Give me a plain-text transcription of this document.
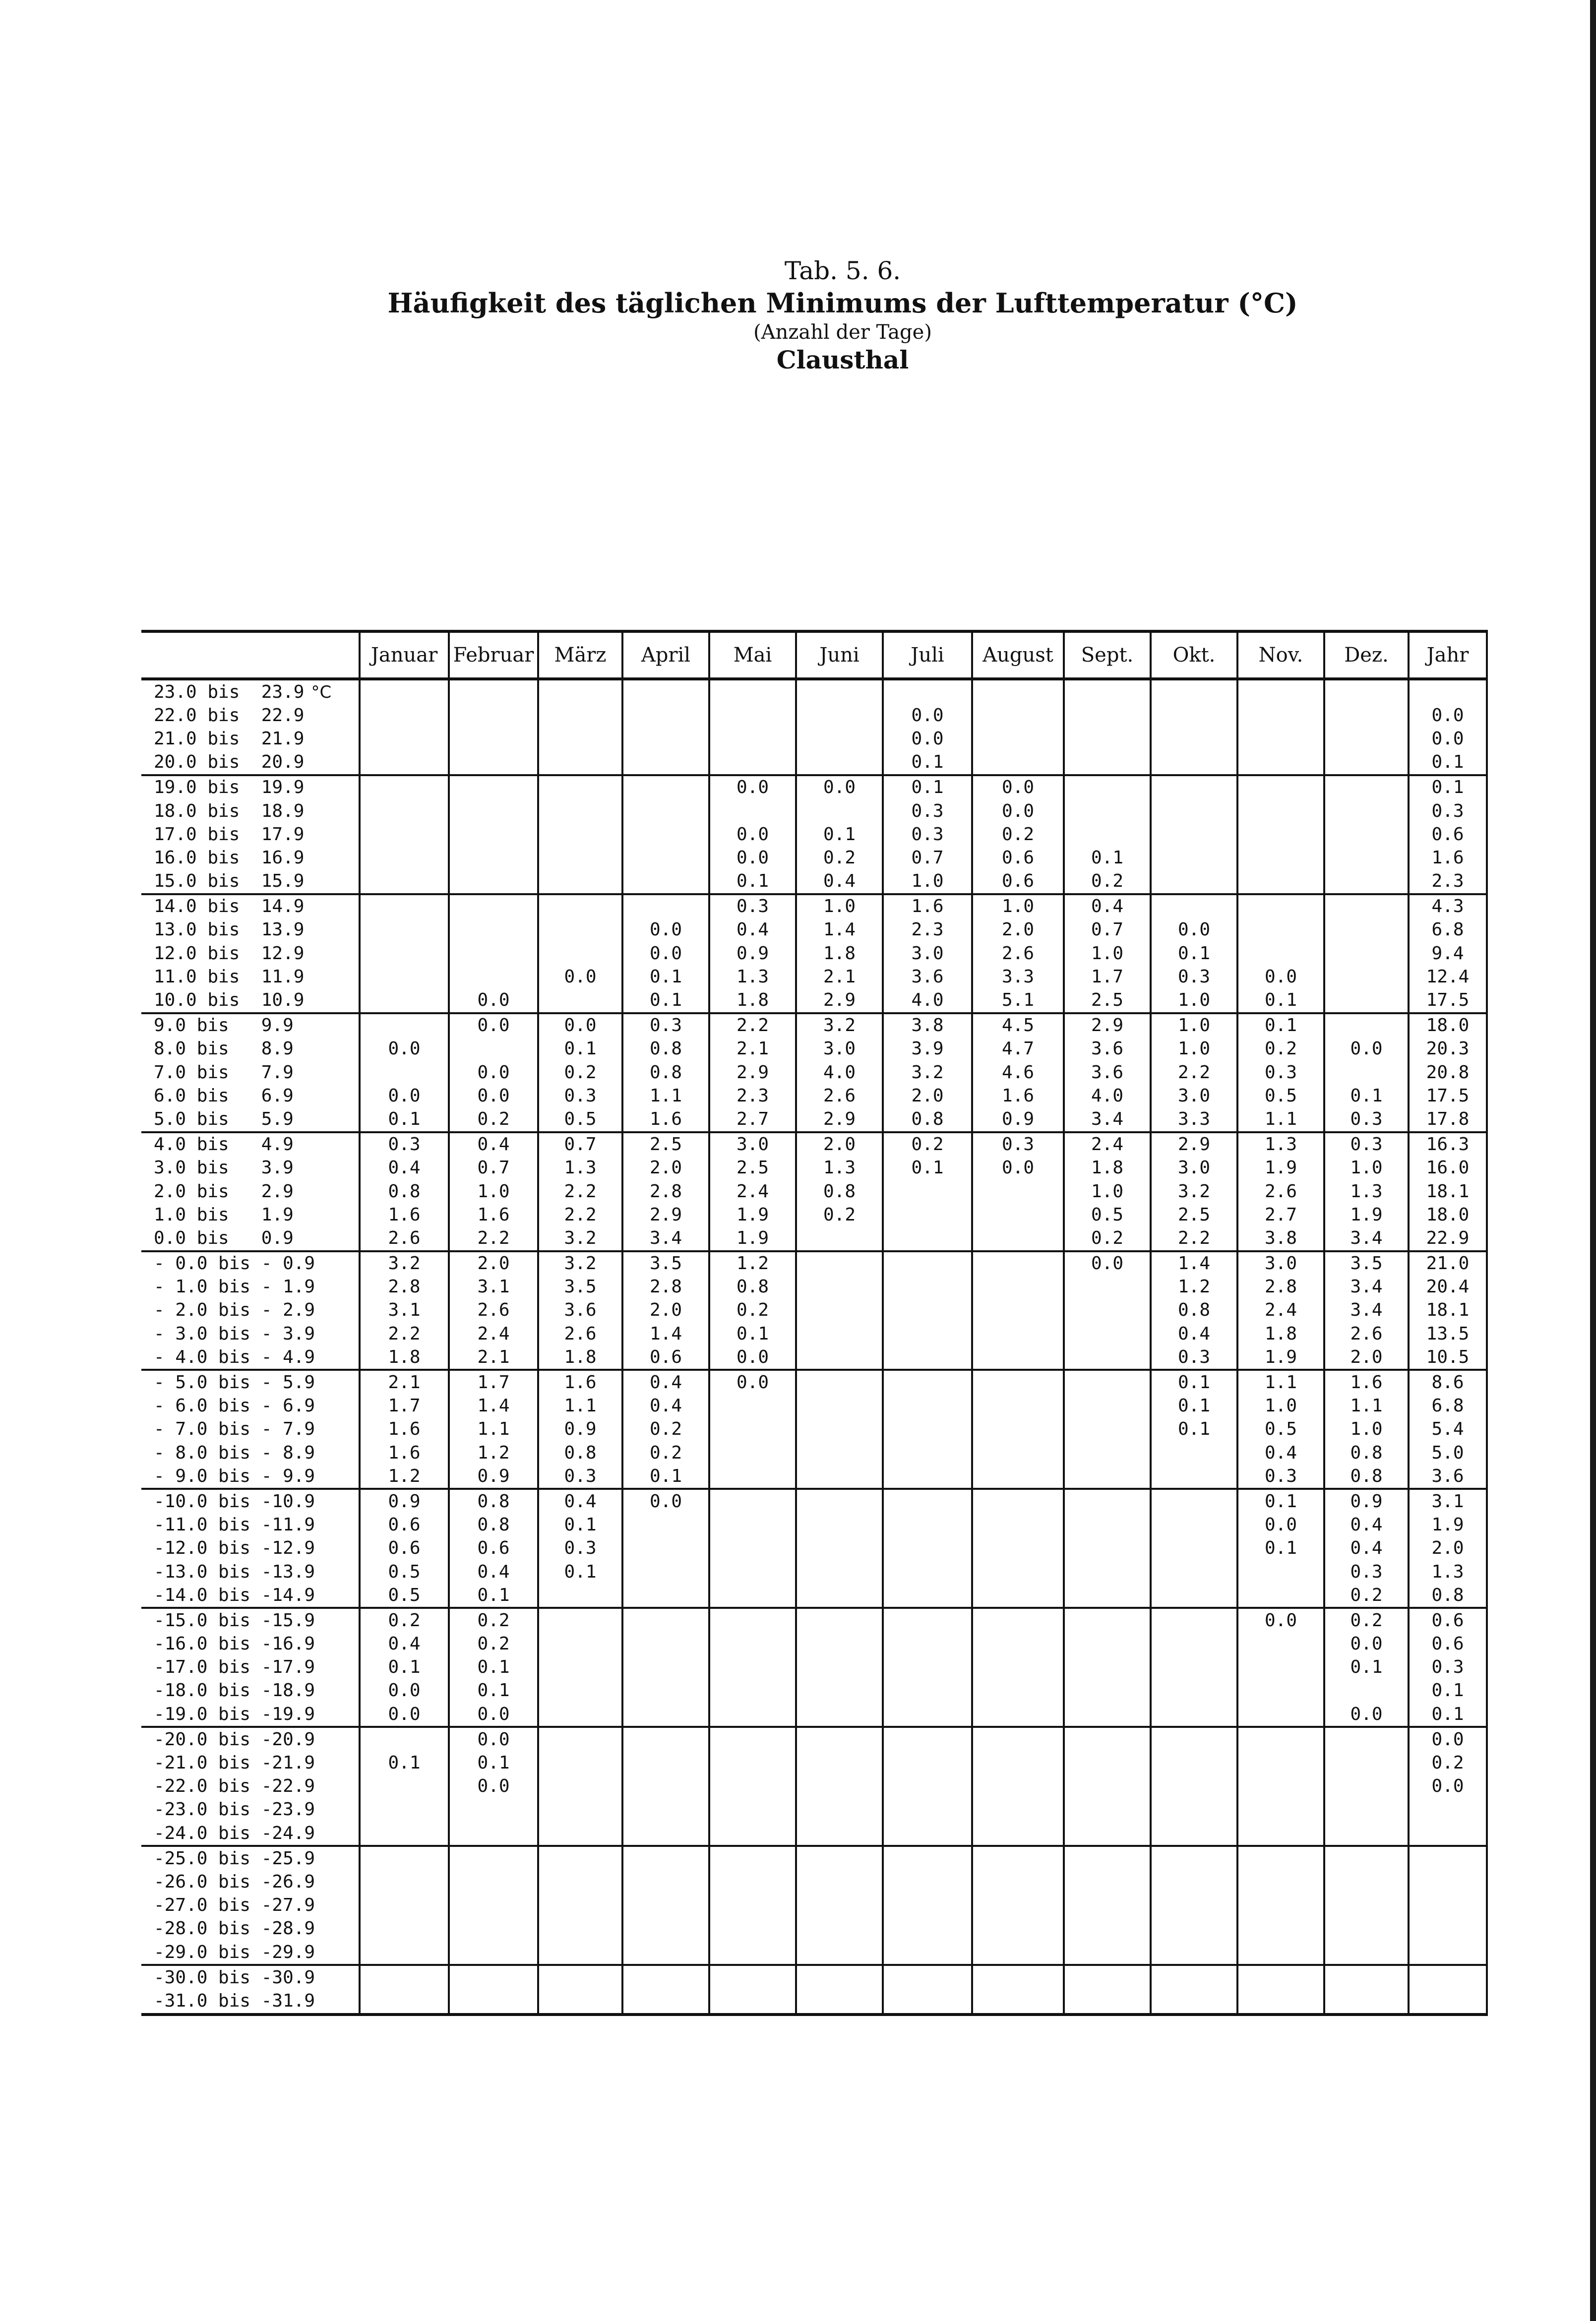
Tab. 5. 6.
Häufigkeit des täglichen Minimums der Lufttemperatur (°C)
(Anzahl der Tage)
Clausthal
	Januar	Februar	März	April	Mai	Juni	Juli	August	Sept.	Okt.	Nov.	Dez.	Jahr
23.0 bis  23.9 °C													
22.0 bis  22.9							0.0						0.0
21.0 bis  21.9							0.0						0.0
20.0 bis  20.9							0.1						0.1
19.0 bis  19.9					0.0	0.0	0.1	0.0					0.1
18.0 bis  18.9							0.3	0.0					0.3
17.0 bis  17.9					0.0	0.1	0.3	0.2					0.6
16.0 bis  16.9					0.0	0.2	0.7	0.6	0.1				1.6
15.0 bis  15.9					0.1	0.4	1.0	0.6	0.2				2.3
14.0 bis  14.9					0.3	1.0	1.6	1.0	0.4				4.3
13.0 bis  13.9				0.0	0.4	1.4	2.3	2.0	0.7	0.0			6.8
12.0 bis  12.9				0.0	0.9	1.8	3.0	2.6	1.0	0.1			9.4
11.0 bis  11.9			0.0	0.1	1.3	2.1	3.6	3.3	1.7	0.3	0.0		12.4
10.0 bis  10.9		0.0		0.1	1.8	2.9	4.0	5.1	2.5	1.0	0.1		17.5
9.0 bis   9.9		0.0	0.0	0.3	2.2	3.2	3.8	4.5	2.9	1.0	0.1		18.0
8.0 bis   8.9	0.0		0.1	0.8	2.1	3.0	3.9	4.7	3.6	1.0	0.2	0.0	20.3
7.0 bis   7.9		0.0	0.2	0.8	2.9	4.0	3.2	4.6	3.6	2.2	0.3		20.8
6.0 bis   6.9	0.0	0.0	0.3	1.1	2.3	2.6	2.0	1.6	4.0	3.0	0.5	0.1	17.5
5.0 bis   5.9	0.1	0.2	0.5	1.6	2.7	2.9	0.8	0.9	3.4	3.3	1.1	0.3	17.8
4.0 bis   4.9	0.3	0.4	0.7	2.5	3.0	2.0	0.2	0.3	2.4	2.9	1.3	0.3	16.3
3.0 bis   3.9	0.4	0.7	1.3	2.0	2.5	1.3	0.1	0.0	1.8	3.0	1.9	1.0	16.0
2.0 bis   2.9	0.8	1.0	2.2	2.8	2.4	0.8			1.0	3.2	2.6	1.3	18.1
1.0 bis   1.9	1.6	1.6	2.2	2.9	1.9	0.2			0.5	2.5	2.7	1.9	18.0
0.0 bis   0.9	2.6	2.2	3.2	3.4	1.9				0.2	2.2	3.8	3.4	22.9
- 0.0 bis - 0.9	3.2	2.0	3.2	3.5	1.2				0.0	1.4	3.0	3.5	21.0
- 1.0 bis - 1.9	2.8	3.1	3.5	2.8	0.8					1.2	2.8	3.4	20.4
- 2.0 bis - 2.9	3.1	2.6	3.6	2.0	0.2					0.8	2.4	3.4	18.1
- 3.0 bis - 3.9	2.2	2.4	2.6	1.4	0.1					0.4	1.8	2.6	13.5
- 4.0 bis - 4.9	1.8	2.1	1.8	0.6	0.0					0.3	1.9	2.0	10.5
- 5.0 bis - 5.9	2.1	1.7	1.6	0.4	0.0					0.1	1.1	1.6	8.6
- 6.0 bis - 6.9	1.7	1.4	1.1	0.4						0.1	1.0	1.1	6.8
- 7.0 bis - 7.9	1.6	1.1	0.9	0.2						0.1	0.5	1.0	5.4
- 8.0 bis - 8.9	1.6	1.2	0.8	0.2							0.4	0.8	5.0
- 9.0 bis - 9.9	1.2	0.9	0.3	0.1							0.3	0.8	3.6
-10.0 bis -10.9	0.9	0.8	0.4	0.0							0.1	0.9	3.1
-11.0 bis -11.9	0.6	0.8	0.1								0.0	0.4	1.9
-12.0 bis -12.9	0.6	0.6	0.3								0.1	0.4	2.0
-13.0 bis -13.9	0.5	0.4	0.1									0.3	1.3
-14.0 bis -14.9	0.5	0.1										0.2	0.8
-15.0 bis -15.9	0.2	0.2									0.0	0.2	0.6
-16.0 bis -16.9	0.4	0.2										0.0	0.6
-17.0 bis -17.9	0.1	0.1										0.1	0.3
-18.0 bis -18.9	0.0	0.1											0.1
-19.0 bis -19.9	0.0	0.0										0.0	0.1
-20.0 bis -20.9		0.0											0.0
-21.0 bis -21.9	0.1	0.1											0.2
-22.0 bis -22.9		0.0											0.0
-23.0 bis -23.9													
-24.0 bis -24.9													
-25.0 bis -25.9													
-26.0 bis -26.9													
-27.0 bis -27.9													
-28.0 bis -28.9													
-29.0 bis -29.9													
-30.0 bis -30.9													
-31.0 bis -31.9													
